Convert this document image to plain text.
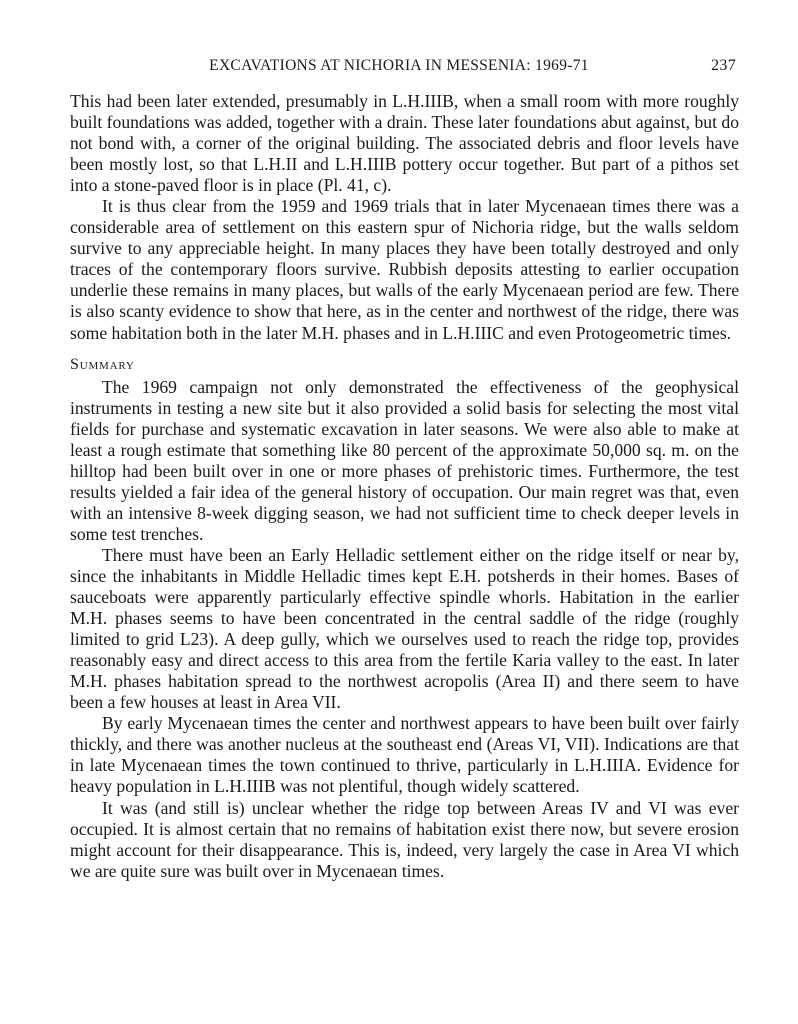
EXCAVATIONS AT NICHORIA IN MESSENIA: 1969-71	237

This had been later extended, presumably in L.H.IIIB, when a small room with more roughly built foundations was added, together with a drain. These later foundations abut against, but do not bond with, a corner of the original building. The associated debris and floor levels have been mostly lost, so that L.H.II and L.H.IIIB pottery occur together. But part of a pithos set into a stone-paved floor is in place (Pl. 41, c).

It is thus clear from the 1959 and 1969 trials that in later Mycenaean times there was a considerable area of settlement on this eastern spur of Nichoria ridge, but the walls seldom survive to any appreciable height. In many places they have been totally destroyed and only traces of the contemporary floors survive. Rubbish deposits attesting to earlier occupation underlie these remains in many places, but walls of the early Mycenaean period are few. There is also scanty evidence to show that here, as in the center and northwest of the ridge, there was some habitation both in the later M.H. phases and in L.H.IIIC and even Protogeometric times.

Summary

The 1969 campaign not only demonstrated the effectiveness of the geophysical instruments in testing a new site but it also provided a solid basis for selecting the most vital fields for purchase and systematic excavation in later seasons. We were also able to make at least a rough estimate that something like 80 percent of the approximate 50,000 sq. m. on the hilltop had been built over in one or more phases of prehistoric times. Furthermore, the test results yielded a fair idea of the general history of occupation. Our main regret was that, even with an intensive 8-week digging season, we had not sufficient time to check deeper levels in some test trenches.

There must have been an Early Helladic settlement either on the ridge itself or near by, since the inhabitants in Middle Helladic times kept E.H. potsherds in their homes. Bases of sauceboats were apparently particularly effective spindle whorls. Habitation in the earlier M.H. phases seems to have been concentrated in the central saddle of the ridge (roughly limited to grid L23). A deep gully, which we ourselves used to reach the ridge top, provides reasonably easy and direct access to this area from the fertile Karia valley to the east. In later M.H. phases habitation spread to the northwest acropolis (Area II) and there seem to have been a few houses at least in Area VII.

By early Mycenaean times the center and northwest appears to have been built over fairly thickly, and there was another nucleus at the southeast end (Areas VI, VII). Indications are that in late Mycenaean times the town continued to thrive, particularly in L.H.IIIA. Evidence for heavy population in L.H.IIIB was not plentiful, though widely scattered.

It was (and still is) unclear whether the ridge top between Areas IV and VI was ever occupied. It is almost certain that no remains of habitation exist there now, but severe erosion might account for their disappearance. This is, indeed, very largely the case in Area VI which we are quite sure was built over in Mycenaean times.
